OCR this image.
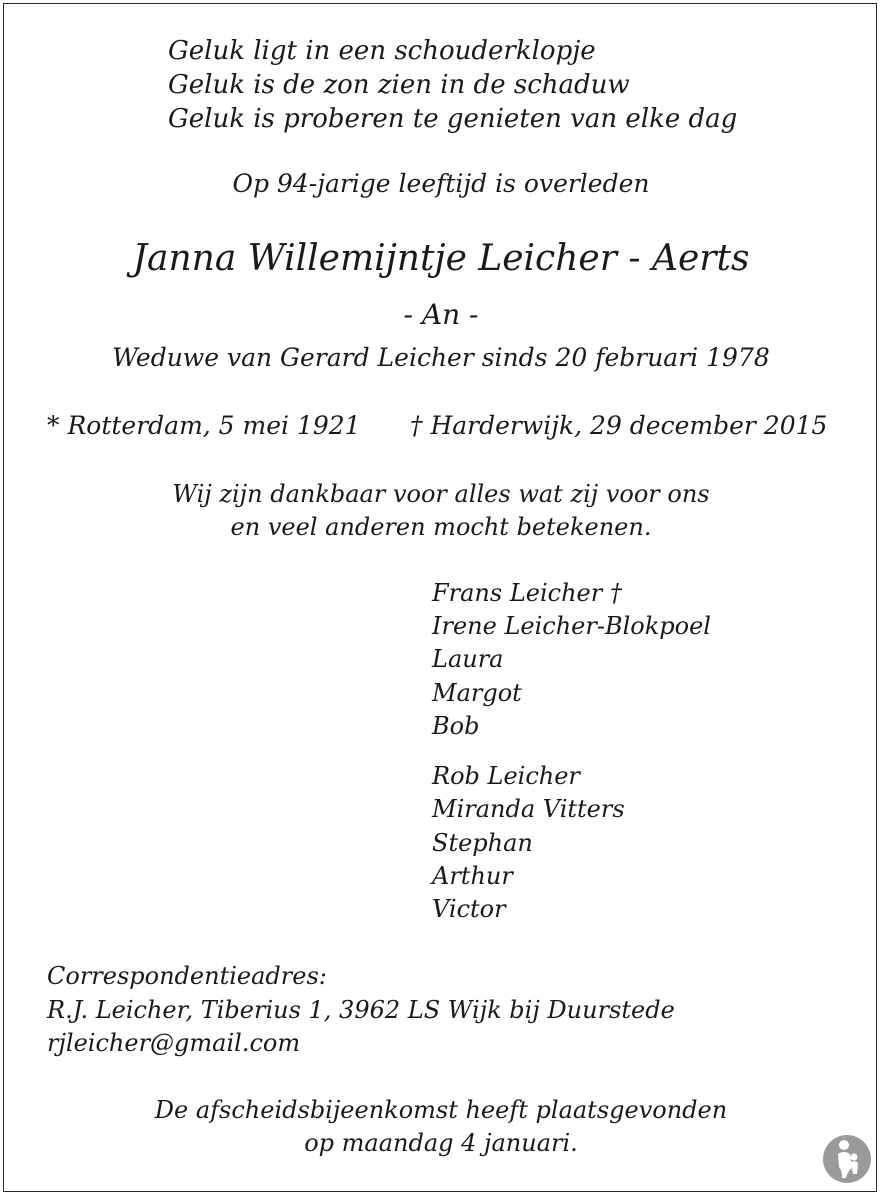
Geluk ligt in een schouderklopje
Geluk is de zon zien in de schaduw
Geluk is proberen te genieten van elke dag
Op 94-jarige leeftijd is overleden
Janna Willemijntje Leicher - Aerts
- An -
Weduwe van Gerard Leicher sinds 20 februari 1978
* Rotterdam, 5 mei 1921 † Harderwijk, 29 december 2015
Wij zijn dankbaar voor alles wat zij voor ons
en veel anderen mocht betekenen.
Frans Leicher †
Irene Leicher-Blokpoel
Laura
Margot
Bob
Rob Leicher
Miranda Vitters
Stephan
Arthur
Victor
Correspondentieadres:
R.J. Leicher, Tiberius 1, 3962 LS Wijk bij Duurstede
rjleicher@gmail.com
De afscheidsbijeenkomst heeft plaatsgevonden
op maandag 4 januari.
